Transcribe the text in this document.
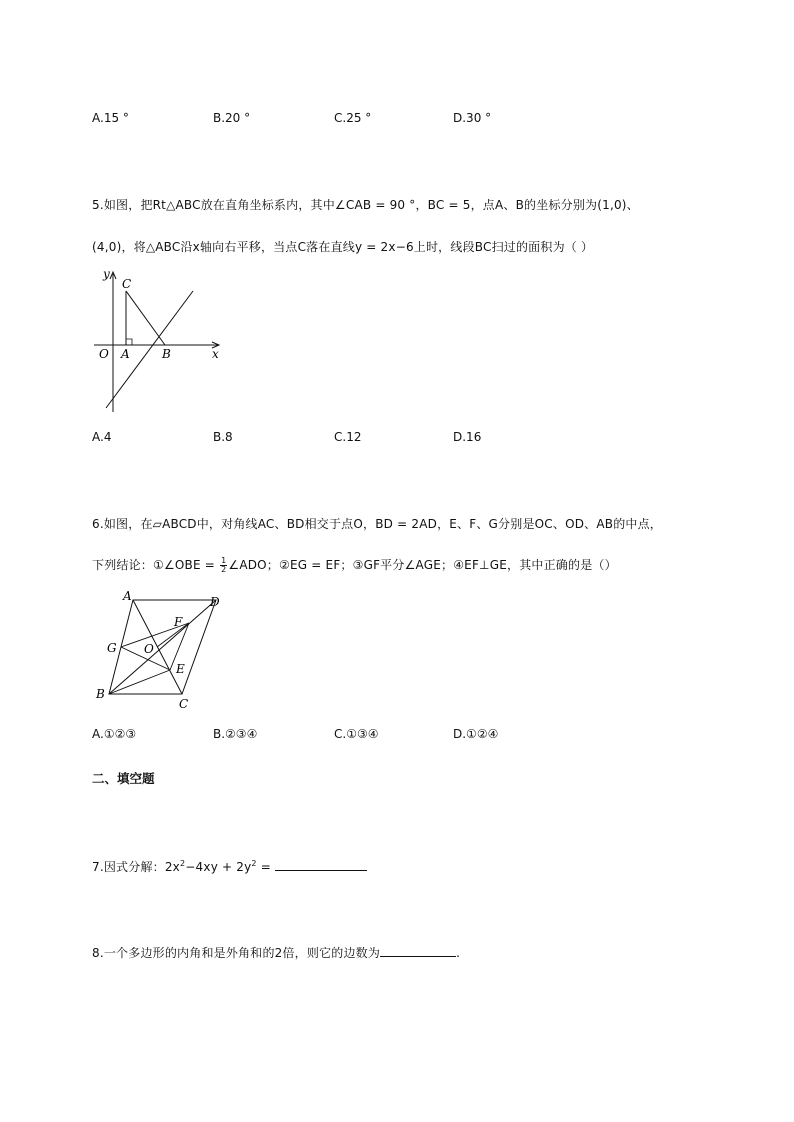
A.15 °	B.20 °	C.25 °	D.30 °
5.如图，把Rt△ABC放在直角坐标系内，其中∠CAB = 90 °，BC = 5，点A、B的坐标分别为(1,0)、
(4,0)，将△ABC沿x轴向右平移，当点C落在直线y = 2x−6上时，线段BC扫过的面积为（ ）
y
C
O A	B	x
A.4	B.8	C.12	D.16
6.如图，在▱ABCD中，对角线AC、BD相交于点O，BD = 2AD，E、F、G分别是OC、OD、AB的中点，
下列结论：①∠OBE = $\frac{1}{2}$ ∠ADO；②EG = EF；③GF平分∠AGE；④EF⊥GE，其中正确的是（）
A	D
F
G O
E
B
C
A.①②③	B.②③④	C.①③④	D.①②④
二、填空题
7.因式分解：$2x^2-4xy + 2y^2$ =
8.一个多边形的内角和是外角和的2倍，则它的边数为	.
